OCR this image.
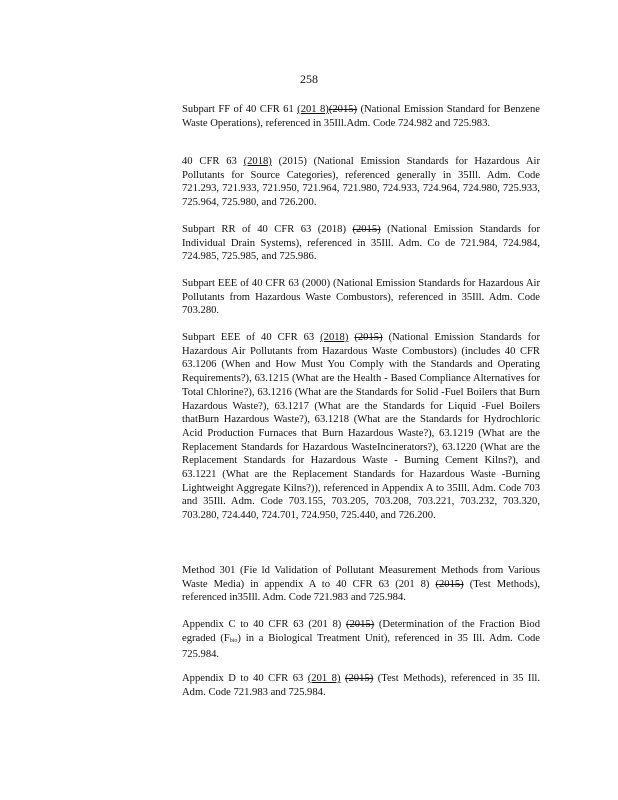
258

Subpart FF of 40 CFR 61 (201 8)(2015) (National Emission Standard for Benzene Waste Operations), referenced in 35Ill.Adm. Code 724.982 and 725.983.

40 CFR 63 (2018) (2015) (National Emission Standards for Hazardous Air Pollutants for Source Categories), referenced generally in 35Ill. Adm. Code 721.293, 721.933, 721.950, 721.964, 721.980, 724.933, 724.964, 724.980, 725.933, 725.964, 725.980, and 726.200.

Subpart RR of 40 CFR 63 (2018) (2015) (National Emission Standards for Individual Drain Systems), referenced in 35Ill. Adm. Co de 721.984, 724.984, 724.985, 725.985, and 725.986.

Subpart EEE of 40 CFR 63 (2000) (National Emission Standards for Hazardous Air Pollutants from Hazardous Waste Combustors), referenced in 35Ill. Adm. Code 703.280.

Subpart EEE of 40 CFR 63 (2018) (2015) (National Emission Standards for Hazardous Air Pollutants from Hazardous Waste Combustors) (includes 40 CFR 63.1206 (When and How Must You Comply with the Standards and Operating Requirements?), 63.1215 (What are the Health - Based Compliance Alternatives for Total Chlorine?), 63.1216 (What are the Standards for Solid -Fuel Boilers that Burn Hazardous Waste?), 63.1217 (What are the Standards for Liquid -Fuel Boilers thatBurn Hazardous Waste?), 63.1218 (What are the Standards for Hydrochloric Acid Production Furnaces that Burn Hazardous Waste?), 63.1219 (What are the Replacement Standards for Hazardous WasteIncinerators?), 63.1220 (What are the Replacement Standards for Hazardous Waste - Burning Cement Kilns?), and 63.1221 (What are the Replacement Standards for Hazardous Waste -Burning Lightweight Aggregate Kilns?)), referenced in Appendix A to 35Ill. Adm. Code 703 and 35Ill. Adm. Code 703.155, 703.205, 703.208, 703.221, 703.232, 703.320, 703.280, 724.440, 724.701, 724.950, 725.440, and 726.200.

Method 301 (Fie ld Validation of Pollutant Measurement Methods from Various Waste Media) in appendix A to 40 CFR 63 (201 8) (2015) (Test Methods), referenced in35Ill. Adm. Code 721.983 and 725.984.

Appendix C to 40 CFR 63 (201 8) (2015) (Determination of the Fraction Biod egraded $(F_{bio})$ in a Biological Treatment Unit), referenced in 35 Ill. Adm. Code 725.984.

Appendix D to 40 CFR 63 (201 8) (2015) (Test Methods), referenced in 35 Ill. Adm. Code 721.983 and 725.984.
